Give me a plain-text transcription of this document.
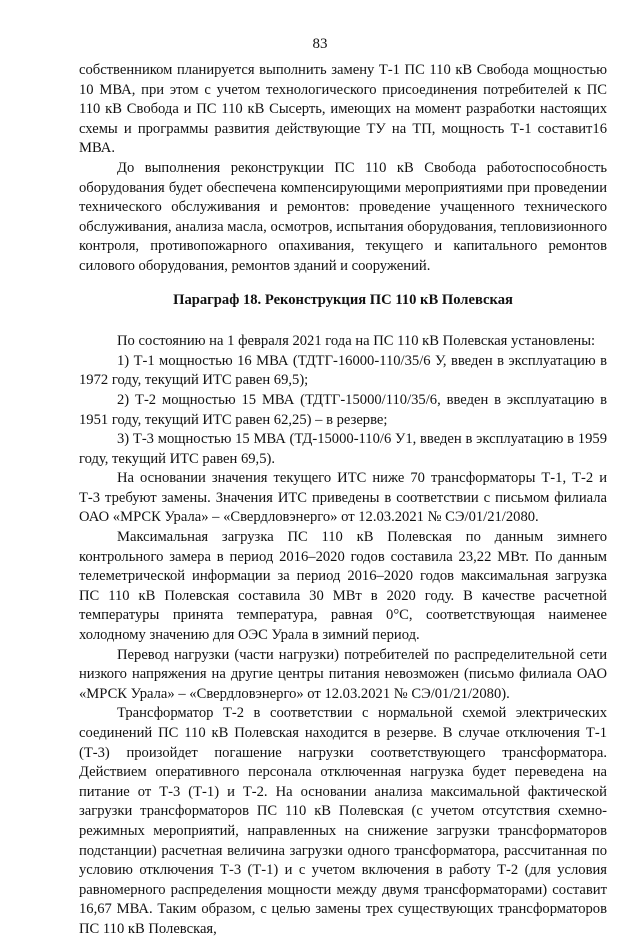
83

собственником планируется выполнить замену Т-1 ПС 110 кВ Свобода мощностью 10 МВА, при этом с учетом технологического присоединения потребителей к ПС 110 кВ Свобода и ПС 110 кВ Сысерть, имеющих на момент разработки настоящих схемы и программы развития действующие ТУ на ТП, мощность Т-1 составит16 МВА.

До выполнения реконструкции ПС 110 кВ Свобода работоспособность оборудования будет обеспечена компенсирующими мероприятиями при проведении технического обслуживания и ремонтов: проведение учащенного технического обслуживания, анализа масла, осмотров, испытания оборудования, тепловизионного контроля, противопожарного опахивания, текущего и капитального ремонтов силового оборудования, ремонтов зданий и сооружений.

Параграф 18. Реконструкция ПС 110 кВ Полевская

По состоянию на 1 февраля 2021 года на ПС 110 кВ Полевская установлены:

1) Т-1 мощностью 16 МВА (ТДТГ-16000-110/35/6 У, введен в эксплуатацию в 1972 году, текущий ИТС равен 69,5);

2) Т-2 мощностью 15 МВА (ТДТГ-15000/110/35/6, введен в эксплуатацию в 1951 году, текущий ИТС равен 62,25) – в резерве;

3) Т-3 мощностью 15 МВА (ТД-15000-110/6 У1, введен в эксплуатацию в 1959 году, текущий ИТС равен 69,5).

На основании значения текущего ИТС ниже 70 трансформаторы Т-1, Т-2 и Т-3 требуют замены. Значения ИТС приведены в соответствии с письмом филиала ОАО «МРСК Урала» – «Свердловэнерго» от 12.03.2021 № СЭ/01/21/2080.

Максимальная загрузка ПС 110 кВ Полевская по данным зимнего контрольного замера в период 2016–2020 годов составила 23,22 МВт. По данным телеметрической информации за период 2016–2020 годов максимальная загрузка ПС 110 кВ Полевская составила 30 МВт в 2020 году. В качестве расчетной температуры принята температура, равная 0°С, соответствующая наименее холодному значению для ОЭС Урала в зимний период.

Перевод нагрузки (части нагрузки) потребителей по распределительной сети низкого напряжения на другие центры питания невозможен (письмо филиала ОАО «МРСК Урала» – «Свердловэнерго» от 12.03.2021 № СЭ/01/21/2080).

Трансформатор Т-2 в соответствии с нормальной схемой электрических соединений ПС 110 кВ Полевская находится в резерве. В случае отключения Т-1 (Т-3) произойдет погашение нагрузки соответствующего трансформатора. Действием оперативного персонала отключенная нагрузка будет переведена на питание от Т-3 (Т-1) и Т-2. На основании анализа максимальной фактической загрузки трансформаторов ПС 110 кВ Полевская (с учетом отсутствия схемно-режимных мероприятий, направленных на снижение загрузки трансформаторов подстанции) расчетная величина загрузки одного трансформатора, рассчитанная по условию отключения Т-3 (Т-1) и с учетом включения в работу Т-2 (для условия равномерного распределения мощности между двумя трансформаторами) составит 16,67 МВА. Таким образом, с целью замены трех существующих трансформаторов ПС 110 кВ Полевская,
